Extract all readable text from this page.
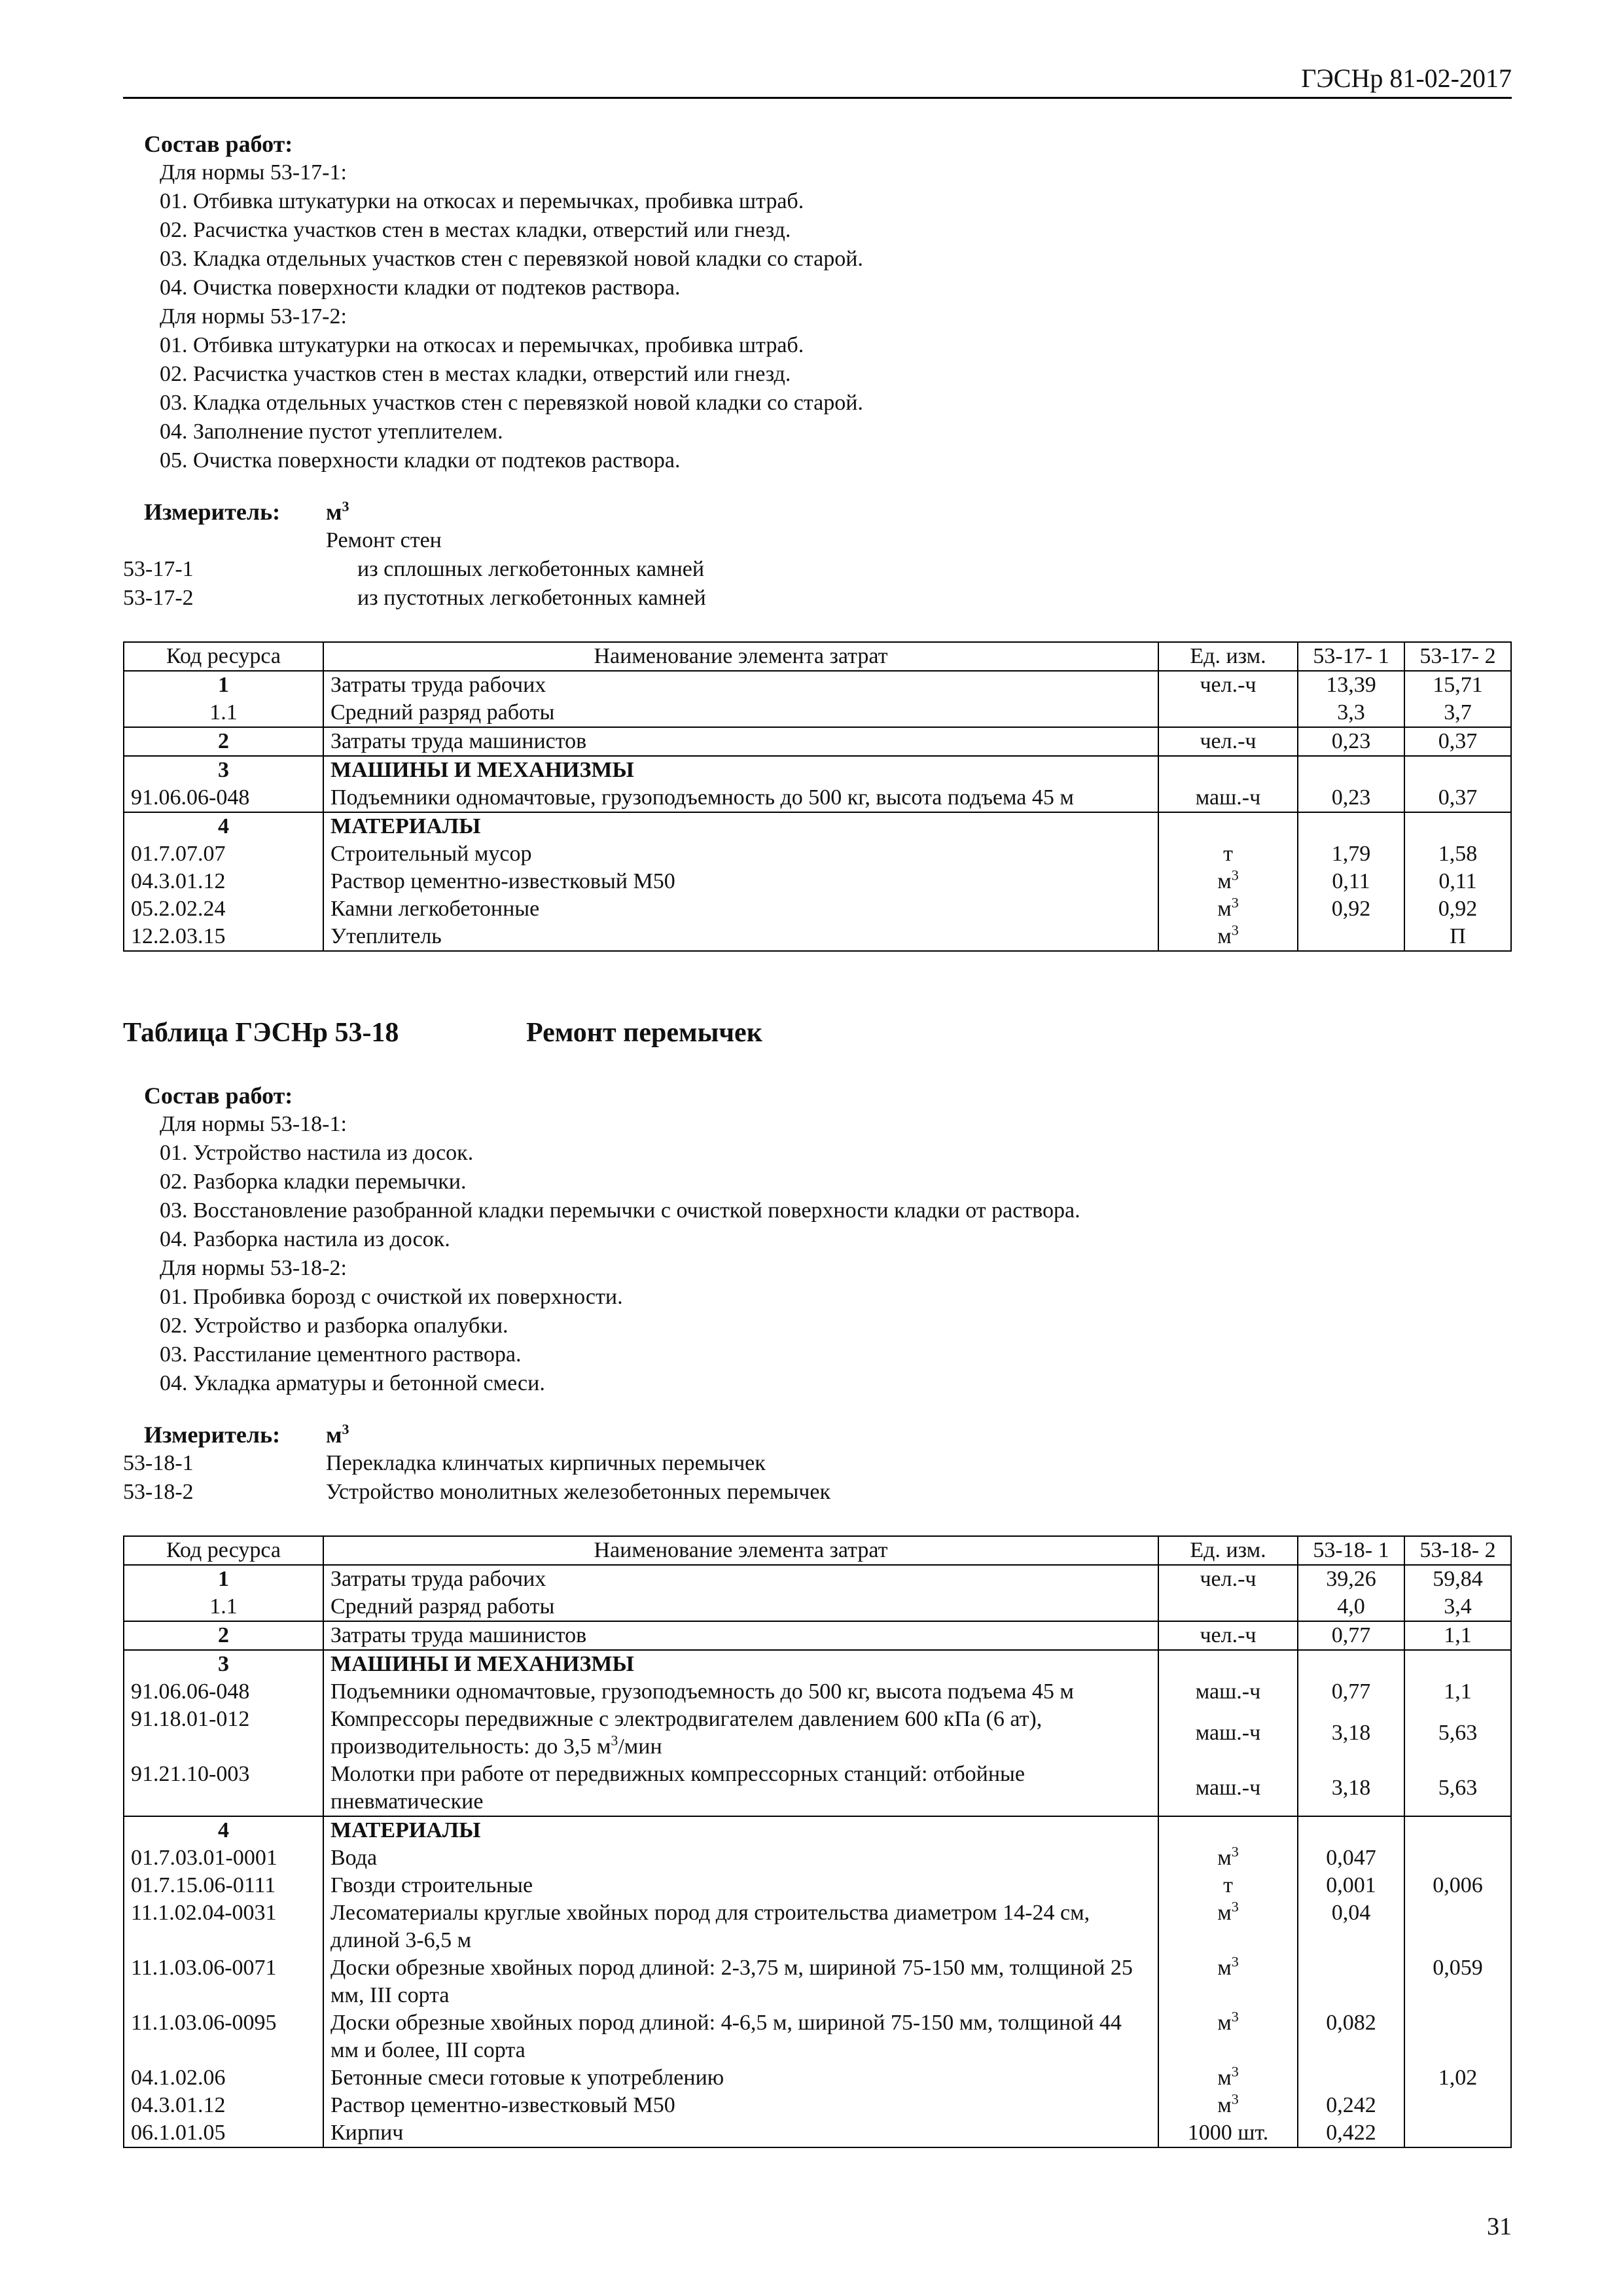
ГЭСНр 81-02-2017
Состав работ:
Для нормы 53-17-1:
01. Отбивка штукатурки на откосах и перемычках, пробивка штраб.
02. Расчистка участков стен в местах кладки, отверстий или гнезд.
03. Кладка отдельных участков стен с перевязкой новой кладки со старой.
04. Очистка поверхности кладки от подтеков раствора.
Для нормы 53-17-2:
01. Отбивка штукатурки на откосах и перемычках, пробивка штраб.
02. Расчистка участков стен в местах кладки, отверстий или гнезд.
03. Кладка отдельных участков стен с перевязкой новой кладки со старой.
04. Заполнение пустот утеплителем.
05. Очистка поверхности кладки от подтеков раствора.
Измеритель:	$м^3$
Ремонт стен
53-17-1	из сплошных легкобетонных камней
53-17-2	из пустотных легкобетонных камней
Код ресурса	Наименование элемента затрат	Ед. изм.	53-17- 1	53-17- 2
1	Затраты труда рабочих	чел.-ч	13,39	15,71
1.1	Средний разряд работы		3,3	3,7
2	Затраты труда машинистов	чел.-ч	0,23	0,37
3	МАШИНЫ И МЕХАНИЗМЫ			
91.06.06-048	Подъемники одномачтовые, грузоподъемность до 500 кг, высота подъема 45 м	маш.-ч	0,23	0,37
4	МАТЕРИАЛЫ			
01.7.07.07	Строительный мусор	т	1,79	1,58
04.3.01.12	Раствор цементно-известковый М50	$м^3$	0,11	0,11
05.2.02.24	Камни легкобетонные	$м^3$	0,92	0,92
12.2.03.15	Утеплитель	$м^3$		П
Таблица ГЭСНр 53-18	Ремонт перемычек
Состав работ:
Для нормы 53-18-1:
01. Устройство настила из досок.
02. Разборка кладки перемычки.
03. Восстановление разобранной кладки перемычки с очисткой поверхности кладки от раствора.
04. Разборка настила из досок.
Для нормы 53-18-2:
01. Пробивка борозд с очисткой их поверхности.
02. Устройство и разборка опалубки.
03. Расстилание цементного раствора.
04. Укладка арматуры и бетонной смеси.
Измеритель:	$м^3$
53-18-1	Перекладка клинчатых кирпичных перемычек
53-18-2	Устройство монолитных железобетонных перемычек
Код ресурса	Наименование элемента затрат	Ед. изм.	53-18- 1	53-18- 2
1	Затраты труда рабочих	чел.-ч	39,26	59,84
1.1	Средний разряд работы		4,0	3,4
2	Затраты труда машинистов	чел.-ч	0,77	1,1
3	МАШИНЫ И МЕХАНИЗМЫ			
91.06.06-048	Подъемники одномачтовые, грузоподъемность до 500 кг, высота подъема 45 м	маш.-ч	0,77	1,1
91.18.01-012	Компрессоры передвижные с электродвигателем давлением 600 кПа (6 ат), производительность: до 3,5 $м^3$/мин	маш.-ч	3,18	5,63
91.21.10-003	Молотки при работе от передвижных компрессорных станций: отбойные пневматические	маш.-ч	3,18	5,63
4	МАТЕРИАЛЫ			
01.7.03.01-0001	Вода	$м^3$	0,047	
01.7.15.06-0111	Гвозди строительные	т	0,001	0,006
11.1.02.04-0031	Лесоматериалы круглые хвойных пород для строительства диаметром 14-24 см, длиной 3-6,5 м	$м^3$	0,04	
11.1.03.06-0071	Доски обрезные хвойных пород длиной: 2-3,75 м, шириной 75-150 мм, толщиной 25 мм, III сорта	$м^3$		0,059
11.1.03.06-0095	Доски обрезные хвойных пород длиной: 4-6,5 м, шириной 75-150 мм, толщиной 44 мм и более, III сорта	$м^3$	0,082	
04.1.02.06	Бетонные смеси готовые к употреблению	$м^3$		1,02
04.3.01.12	Раствор цементно-известковый М50	$м^3$	0,242	
06.1.01.05	Кирпич	1000 шт.	0,422	
31
